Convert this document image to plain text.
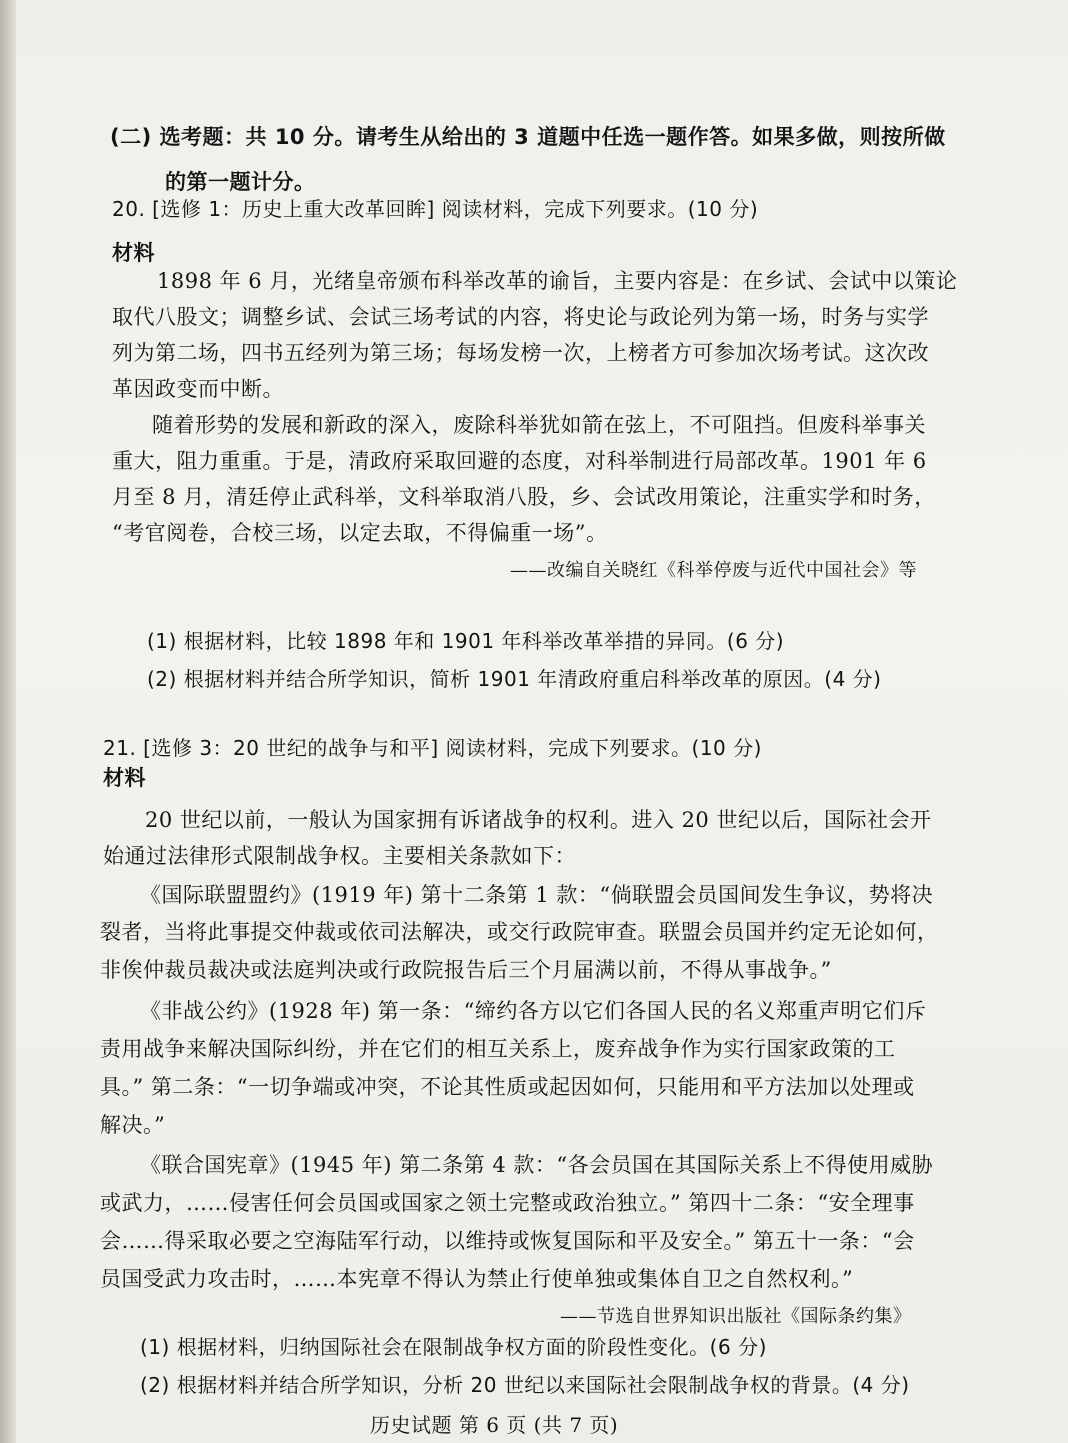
(二) 选考题：共 10 分。请考生从给出的 3 道题中任选一题作答。如果多做，则按所做
的第一题计分。
20. [选修 1：历史上重大改革回眸] 阅读材料，完成下列要求。(10 分)
材料
1898 年 6 月，光绪皇帝颁布科举改革的谕旨，主要内容是：在乡试、会试中以策论
取代八股文；调整乡试、会试三场考试的内容，将史论与政论列为第一场，时务与实学
列为第二场，四书五经列为第三场；每场发榜一次，上榜者方可参加次场考试。这次改
革因政变而中断。
随着形势的发展和新政的深入，废除科举犹如箭在弦上，不可阻挡。但废科举事关
重大，阻力重重。于是，清政府采取回避的态度，对科举制进行局部改革。1901 年 6
月至 8 月，清廷停止武科举，文科举取消八股，乡、会试改用策论，注重实学和时务，
“考官阅卷，合校三场，以定去取，不得偏重一场”。
——改编自关晓红《科举停废与近代中国社会》等
(1) 根据材料，比较 1898 年和 1901 年科举改革举措的异同。(6 分)
(2) 根据材料并结合所学知识，简析 1901 年清政府重启科举改革的原因。(4 分)
21. [选修 3：20 世纪的战争与和平] 阅读材料，完成下列要求。(10 分)
材料
20 世纪以前，一般认为国家拥有诉诸战争的权利。进入 20 世纪以后，国际社会开
始通过法律形式限制战争权。主要相关条款如下：
《国际联盟盟约》(1919 年) 第十二条第 1 款：“倘联盟会员国间发生争议，势将决
裂者，当将此事提交仲裁或依司法解决，或交行政院审查。联盟会员国并约定无论如何，
非俟仲裁员裁决或法庭判决或行政院报告后三个月届满以前，不得从事战争。”
《非战公约》(1928 年) 第一条：“缔约各方以它们各国人民的名义郑重声明它们斥
责用战争来解决国际纠纷，并在它们的相互关系上，废弃战争作为实行国家政策的工
具。” 第二条：“一切争端或冲突，不论其性质或起因如何，只能用和平方法加以处理或
解决。”
《联合国宪章》(1945 年) 第二条第 4 款：“各会员国在其国际关系上不得使用威胁
或武力，……侵害任何会员国或国家之领土完整或政治独立。” 第四十二条：“安全理事
会……得采取必要之空海陆军行动，以维持或恢复国际和平及安全。” 第五十一条：“会
员国受武力攻击时，……本宪章不得认为禁止行使单独或集体自卫之自然权利。”
——节选自世界知识出版社《国际条约集》
(1) 根据材料，归纳国际社会在限制战争权方面的阶段性变化。(6 分)
(2) 根据材料并结合所学知识，分析 20 世纪以来国际社会限制战争权的背景。(4 分)
历史试题 第 6 页 (共 7 页)
